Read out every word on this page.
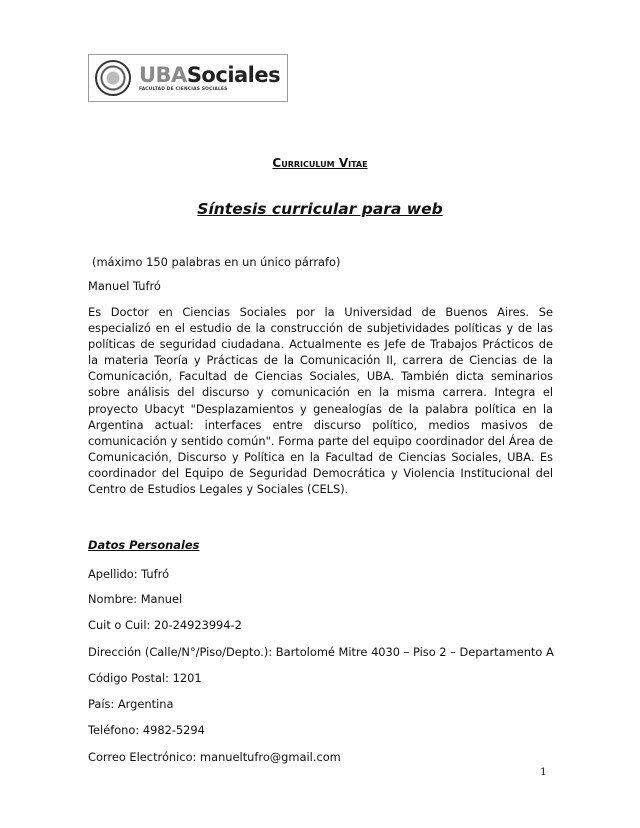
UBASociales
FACULTAD DE CIENCIAS SOCIALES
Curriculum Vitae
Síntesis curricular para web
(máximo 150 palabras en un único párrafo)
Manuel Tufró

Es Doctor en Ciencias Sociales por la Universidad de Buenos Aires. Se especializó en el estudio de la construcción de subjetividades políticas y de las políticas de seguridad ciudadana. Actualmente es Jefe de Trabajos Prácticos de la materia Teoría y Prácticas de la Comunicación II, carrera de Ciencias de la Comunicación, Facultad de Ciencias Sociales, UBA. También dicta seminarios sobre análisis del discurso y comunicación en la misma carrera. Integra el proyecto Ubacyt "Desplazamientos y genealogías de la palabra política en la Argentina actual: interfaces entre discurso político, medios masivos de comunicación y sentido común". Forma parte del equipo coordinador del Área de Comunicación, Discurso y Política en la Facultad de Ciencias Sociales, UBA. Es coordinador del Equipo de Seguridad Democrática y Violencia Institucional del Centro de Estudios Legales y Sociales (CELS).

Datos Personales
Apellido: Tufró
Nombre: Manuel
Cuit o Cuil: 20-24923994-2
Dirección (Calle/N°/Piso/Depto.): Bartolomé Mitre 4030 – Piso 2 – Departamento A
Código Postal: 1201
País: Argentina
Teléfono: 4982-5294
Correo Electrónico: manueltufro@gmail.com
1
